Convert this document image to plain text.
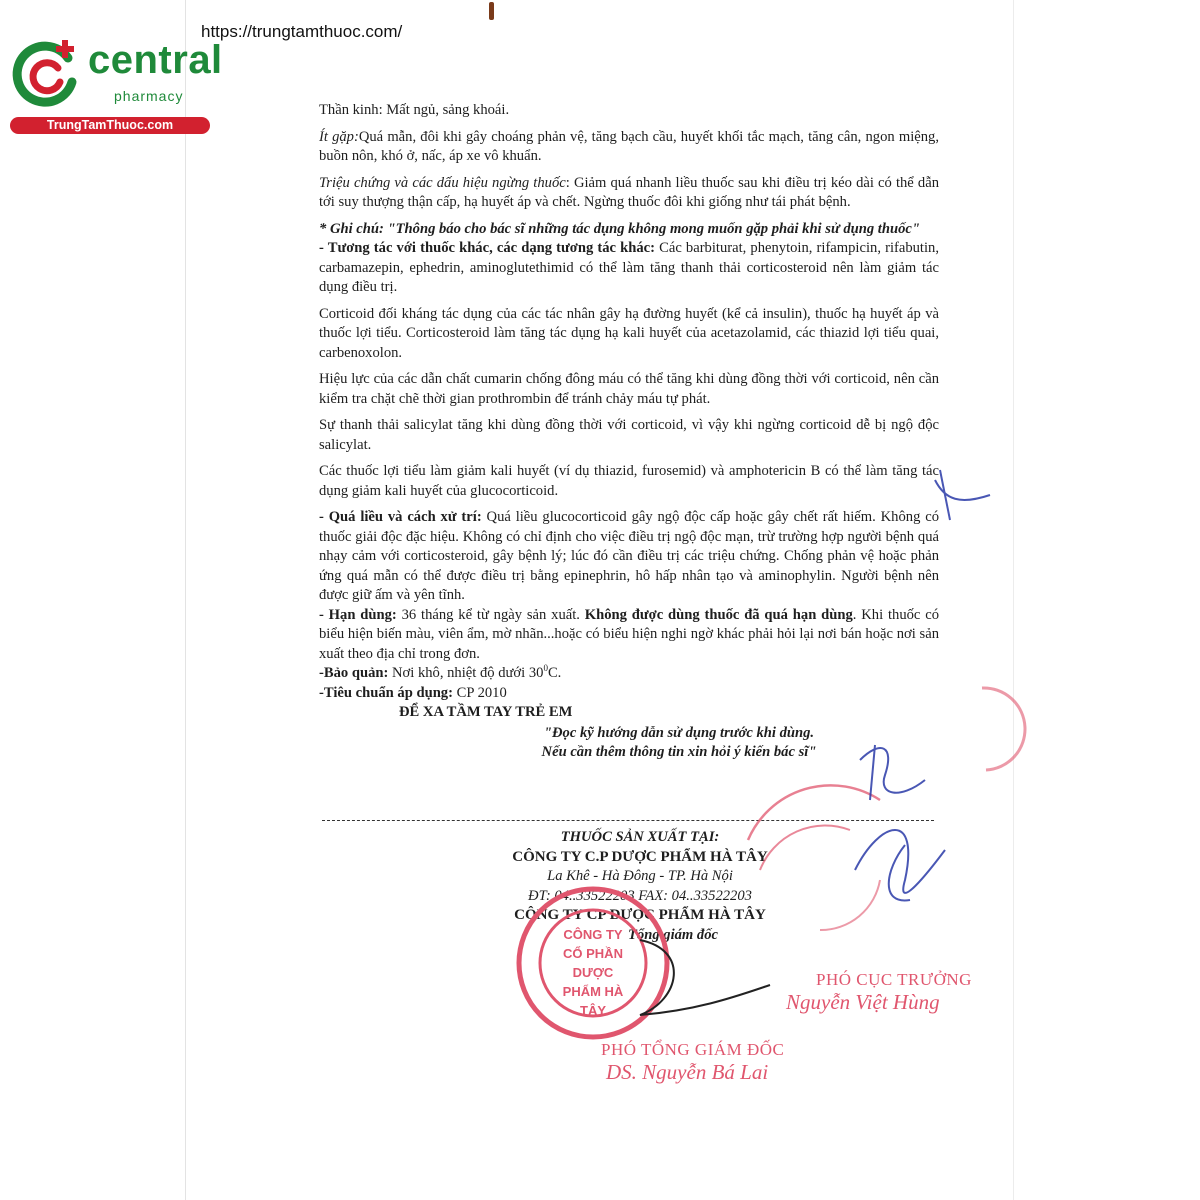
https://trungtamthuoc.com/
central
pharmacy
TrungTamThuoc.com

Thần kinh: Mất ngủ, sảng khoái.

Ít gặp:Quá mẫn, đôi khi gây choáng phản vệ, tăng bạch cầu, huyết khối tắc mạch, tăng cân, ngon miệng, buồn nôn, khó ở, nấc, áp xe vô khuẩn.

Triệu chứng và các dấu hiệu ngừng thuốc: Giảm quá nhanh liều thuốc sau khi điều trị kéo dài có thể dẫn tới suy thượng thận cấp, hạ huyết áp và chết. Ngừng thuốc đôi khi giống như tái phát bệnh.

* Ghi chú: "Thông báo cho bác sĩ những tác dụng không mong muốn gặp phải khi sử dụng thuốc"

- Tương tác với thuốc khác, các dạng tương tác khác: Các barbiturat, phenytoin, rifampicin, rifabutin, carbamazepin, ephedrin, aminoglutethimid có thể làm tăng thanh thải corticosteroid nên làm giảm tác dụng điều trị.

Corticoid đối kháng tác dụng của các tác nhân gây hạ đường huyết (kể cả insulin), thuốc hạ huyết áp và thuốc lợi tiểu. Corticosteroid làm tăng tác dụng hạ kali huyết của acetazolamid, các thiazid lợi tiểu quai, carbenoxolon.

Hiệu lực của các dẫn chất cumarin chống đông máu có thể tăng khi dùng đồng thời với corticoid, nên cần kiểm tra chặt chẽ thời gian prothrombin để tránh chảy máu tự phát.

Sự thanh thải salicylat tăng khi dùng đồng thời với corticoid, vì vậy khi ngừng corticoid dễ bị ngộ độc salicylat.

Các thuốc lợi tiểu làm giảm kali huyết (ví dụ thiazid, furosemid) và amphotericin B có thể làm tăng tác dụng giảm kali huyết của glucocorticoid.

- Quá liều và cách xử trí: Quá liều glucocorticoid gây ngộ độc cấp hoặc gây chết rất hiếm. Không có thuốc giải độc đặc hiệu. Không có chỉ định cho việc điều trị ngộ độc mạn, trừ trường hợp người bệnh quá nhạy cảm với corticosteroid, gây bệnh lý; lúc đó cần điều trị các triệu chứng. Chống phản vệ hoặc phản ứng quá mẫn có thể được điều trị bằng epinephrin, hô hấp nhân tạo và aminophylin. Người bệnh nên được giữ ấm và yên tĩnh.

- Hạn dùng: 36 tháng kể từ ngày sản xuất. Không được dùng thuốc đã quá hạn dùng. Khi thuốc có biểu hiện biến màu, viên ẩm, mờ nhãn...hoặc có biểu hiện nghi ngờ khác phải hỏi lại nơi bán hoặc nơi sản xuất theo địa chỉ trong đơn.

-Bảo quản: Nơi khô, nhiệt độ dưới $30^0C$.

-Tiêu chuẩn áp dụng: CP 2010

ĐỂ XA TẦM TAY TRẺ EM

"Đọc kỹ hướng dẫn sử dụng trước khi dùng.

Nếu cần thêm thông tin xin hỏi ý kiến bác sĩ"

THUỐC SẢN XUẤT TẠI:
CÔNG TY C.P DƯỢC PHẨM HÀ TÂY
La Khê - Hà Đông - TP. Hà Nội
ĐT: 04..33522203 FAX: 04..33522203
CÔNG TY CP DƯỢC PHẨM HÀ TÂY
Tổng giám đốc
CÔNG TY CỔ PHẦN DƯỢC PHẨM HÀ TÂY
PHÓ CỤC TRƯỞNG
Nguyễn Việt Hùng
PHÓ TỔNG GIÁM ĐỐC
DS. Nguyễn Bá Lai
